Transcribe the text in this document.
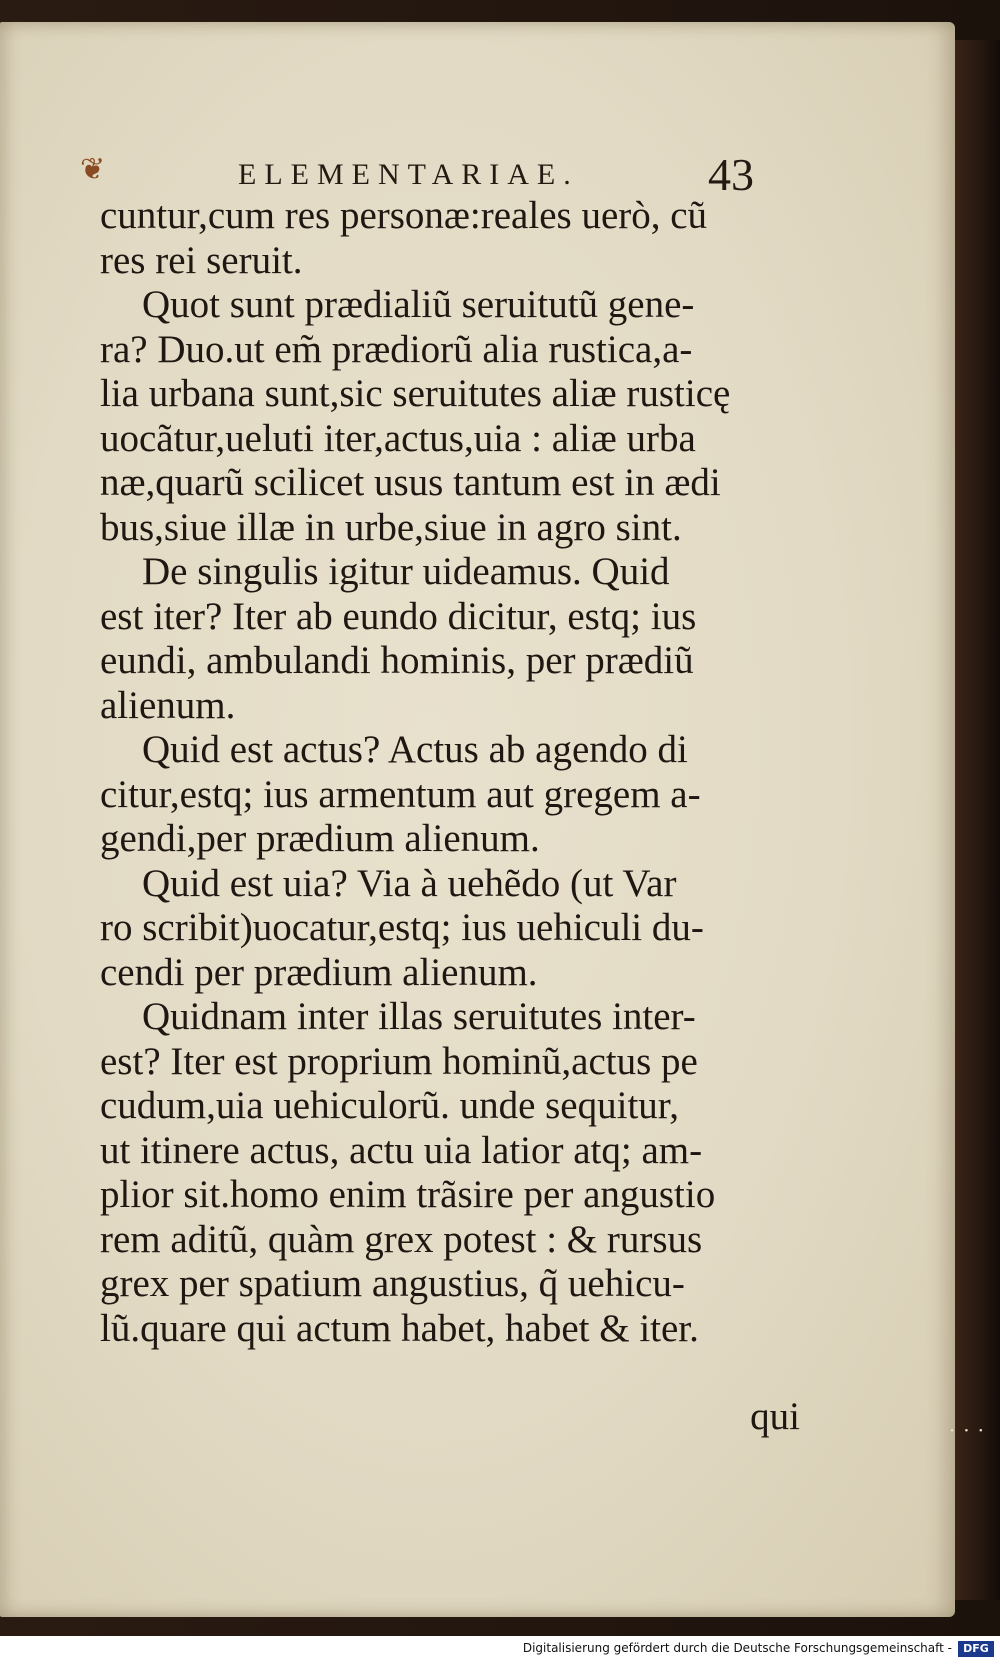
❦	ELEMENTARIAE.	43
cuntur,cum res personæ:reales uerò, cũ
res rei seruit.
Quot sunt prædialiũ seruitutũ gene-
ra? Duo.ut em̃ prædiorũ alia rustica,a-
lia urbana sunt,sic seruitutes aliæ rusticę
uocãtur,ueluti iter,actus,uia : aliæ urba
næ,quarũ scilicet usus tantum est in ædi
bus,siue illæ in urbe,siue in agro sint.
De singulis igitur uideamus. Quid
est iter? Iter ab eundo dicitur, estq; ius
eundi, ambulandi hominis, per prædiũ
alienum.
Quid est actus? Actus ab agendo di
citur,estq; ius armentum aut gregem a-
gendi,per prædium alienum.
Quid est uia? Via à uehẽdo (ut Var
ro scribit)uocatur,estq; ius uehiculi du-
cendi per prædium alienum.
Quidnam inter illas seruitutes inter-
est? Iter est proprium hominũ,actus pe
cudum,uia uehiculorũ. unde sequitur,
ut itinere actus, actu uia latior atq; am-
plior sit.homo enim trãsire per angustio
rem aditũ, quàm grex potest : & rursus
grex per spatium angustius, q̃ uehicu-
lũ.quare qui actum habet, habet & iter.
qui	···
Digitalisierung gefördert durch die Deutsche Forschungsgemeinschaft -	DFG
